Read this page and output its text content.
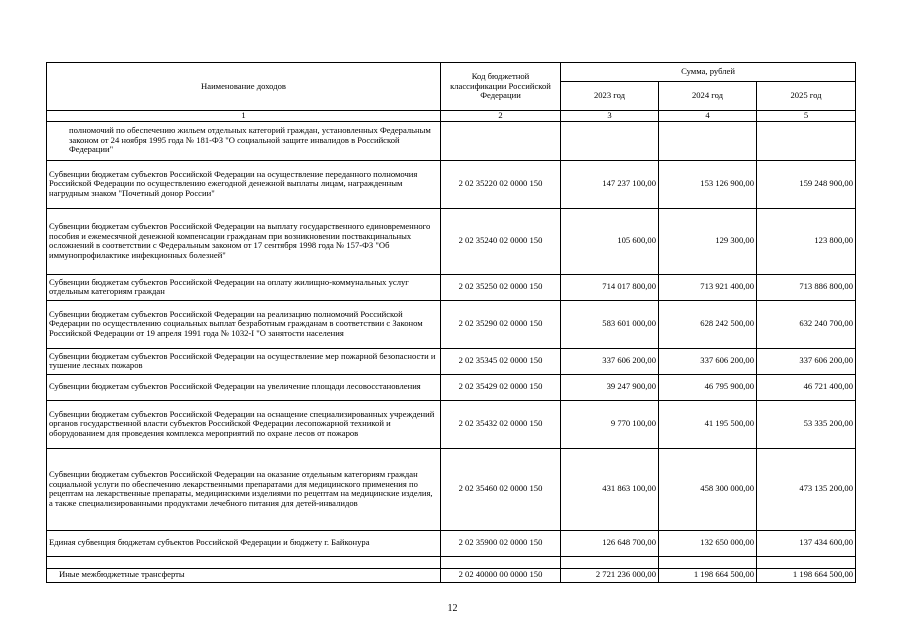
Наименование доходов	Код бюджетной классификации Российской Федерации	Сумма, рублей		
		2023 год	2024 год	2025 год
1	2	3	4	5
полномочий по обеспечению жильем отдельных категорий граждан, установленных Федеральным законом от 24 ноября 1995 года № 181-ФЗ "О социальной защите инвалидов в Российской Федерации"				
Субвенции бюджетам субъектов Российской Федерации на осуществление переданного полномочия Российской Федерации по осуществлению ежегодной денежной выплаты лицам, награжденным нагрудным знаком "Почетный донор России"	2 02 35220 02 0000 150	147 237 100,00	153 126 900,00	159 248 900,00
Субвенции бюджетам субъектов Российской Федерации на выплату государственного единовременного пособия и ежемесячной денежной компенсации гражданам при возникновении поствакцинальных осложнений в соответствии с Федеральным законом от 17 сентября 1998 года № 157-ФЗ "Об иммунопрофилактике инфекционных болезней"	2 02 35240 02 0000 150	105 600,00	129 300,00	123 800,00
Субвенции бюджетам субъектов Российской Федерации на оплату жилищно-коммунальных услуг отдельным категориям граждан	2 02 35250 02 0000 150	714 017 800,00	713 921 400,00	713 886 800,00
Субвенции бюджетам субъектов Российской Федерации на реализацию полномочий Российской Федерации по осуществлению социальных выплат безработным гражданам в соответствии с Законом Российской Федерации от 19 апреля 1991 года № 1032-I "О занятости населения	2 02 35290 02 0000 150	583 601 000,00	628 242 500,00	632 240 700,00
Субвенции бюджетам субъектов Российской Федерации на осуществление мер пожарной безопасности и тушение лесных пожаров	2 02 35345 02 0000 150	337 606 200,00	337 606 200,00	337 606 200,00
Субвенции бюджетам субъектов Российской Федерации на увеличение площади лесовосстановления	2 02 35429 02 0000 150	39 247 900,00	46 795 900,00	46 721 400,00
Субвенции бюджетам субъектов Российской Федерации на оснащение специализированных учреждений органов государственной власти субъектов Российской Федерации лесопожарной техникой и оборудованием для проведения комплекса мероприятий по охране лесов от пожаров	2 02 35432 02 0000 150	9 770 100,00	41 195 500,00	53 335 200,00
Субвенции бюджетам субъектов Российской Федерации на оказание отдельным категориям граждан социальной услуги по обеспечению лекарственными препаратами для медицинского применения по рецептам на лекарственные препараты, медицинскими изделиями по рецептам на медицинские изделия, а также специализированными продуктами лечебного питания для детей-инвалидов	2 02 35460 02 0000 150	431 863 100,00	458 300 000,00	473 135 200,00
Единая субвенция бюджетам субъектов Российской Федерации и бюджету г. Байконура	2 02 35900 02 0000 150	126 648 700,00	132 650 000,00	137 434 600,00

Иные межбюджетные трансферты	2 02 40000 00 0000 150	2 721 236 000,00	1 198 664 500,00	1 198 664 500,00
12
